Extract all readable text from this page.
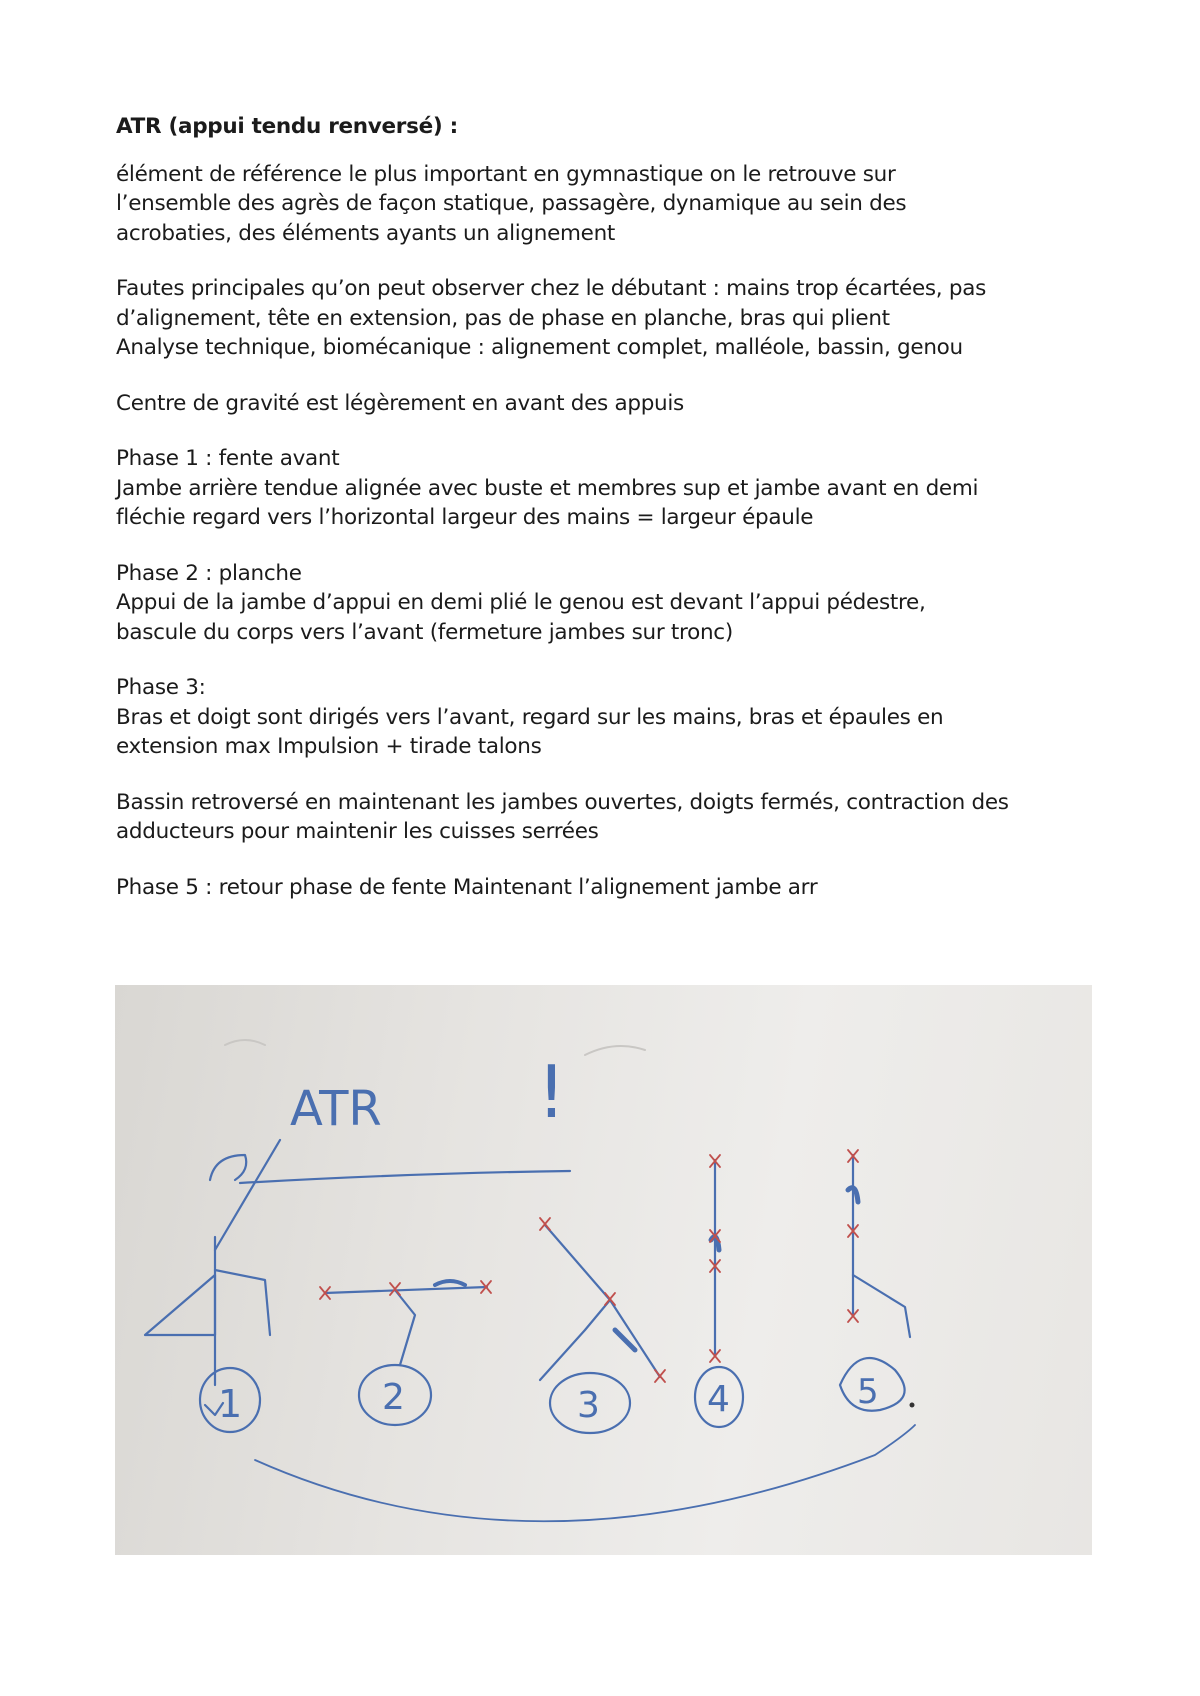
ATR (appui tendu renversé) :

élément de référence le plus important en gymnastique on le retrouve sur
l’ensemble des agrès de façon statique, passagère, dynamique au sein des
acrobaties, des éléments ayants un alignement

Fautes principales qu’on peut observer chez le débutant : mains trop écartées, pas
d’alignement, tête en extension, pas de phase en planche, bras qui plient
Analyse technique, biomécanique : alignement complet, malléole, bassin, genou

Centre de gravité est légèrement en avant des appuis

Phase 1 : fente avant
Jambe arrière tendue alignée avec buste et membres sup et jambe avant en demi
fléchie regard vers l’horizontal largeur des mains = largeur épaule

Phase 2 : planche
Appui de la jambe d’appui en demi plié le genou est devant l’appui pédestre,
bascule du corps vers l’avant (fermeture jambes sur tronc)

Phase 3:
Bras et doigt sont dirigés vers l’avant, regard sur les mains, bras et épaules en
extension max Impulsion + tirade talons

Bassin retroversé en maintenant les jambes ouvertes, doigts fermés, contraction des
adducteurs pour maintenir les cuisses serrées

Phase 5 : retour phase de fente Maintenant l’alignement jambe arr

ATR !
1	2	3	4	5
